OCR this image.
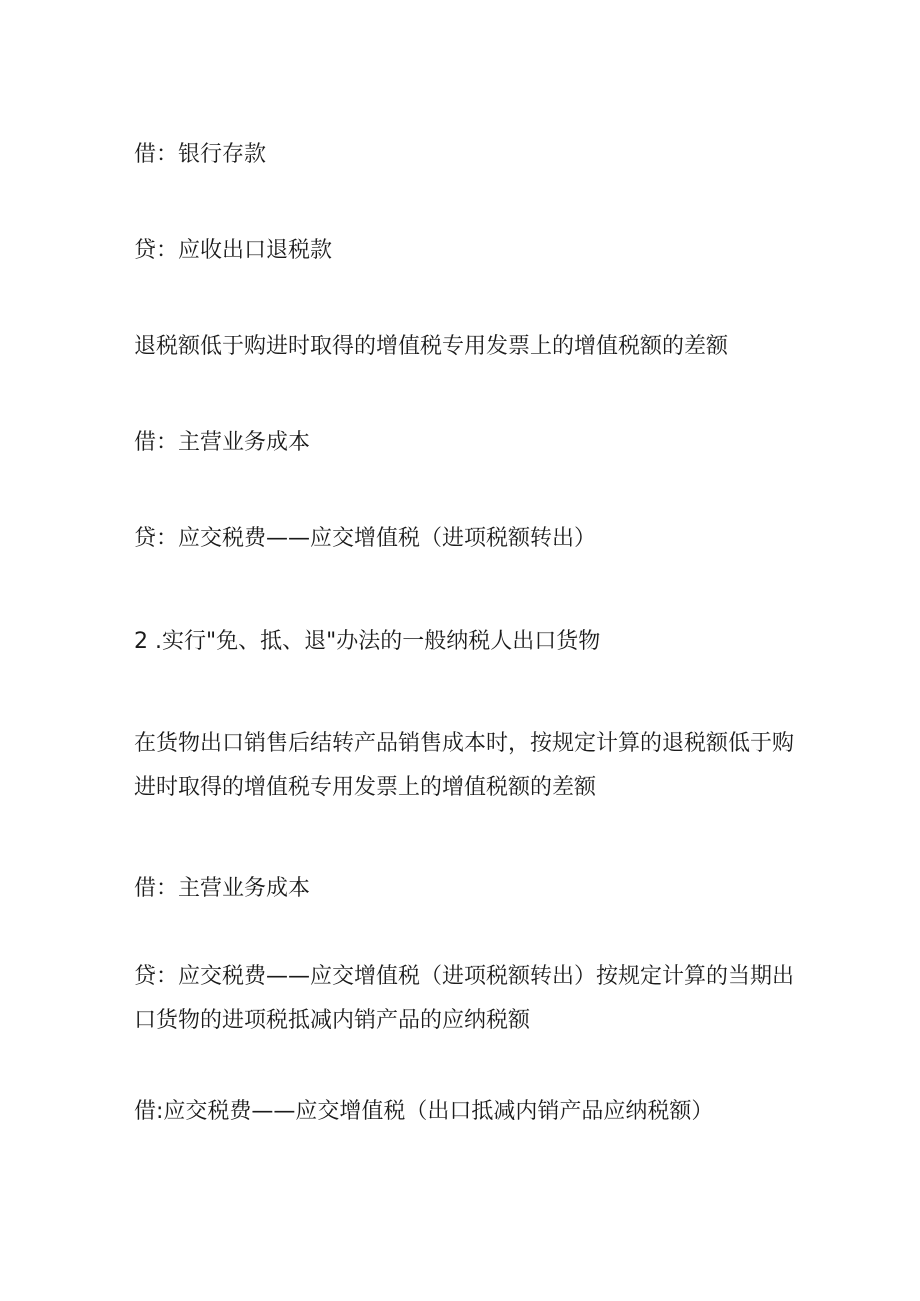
借：银行存款
贷：应收出口退税款
退税额低于购进时取得的增值税专用发票上的增值税额的差额
借：主营业务成本
贷：应交税费——应交增值税（进项税额转出）
2 .实行"免、抵、退"办法的一般纳税人出口货物
在货物出口销售后结转产品销售成本时，按规定计算的退税额低于购进时取得的增值税专用发票上的增值税额的差额
借：主营业务成本
贷：应交税费——应交增值税（进项税额转出）按规定计算的当期出口货物的进项税抵减内销产品的应纳税额
借:应交税费——应交增值税（出口抵减内销产品应纳税额）
